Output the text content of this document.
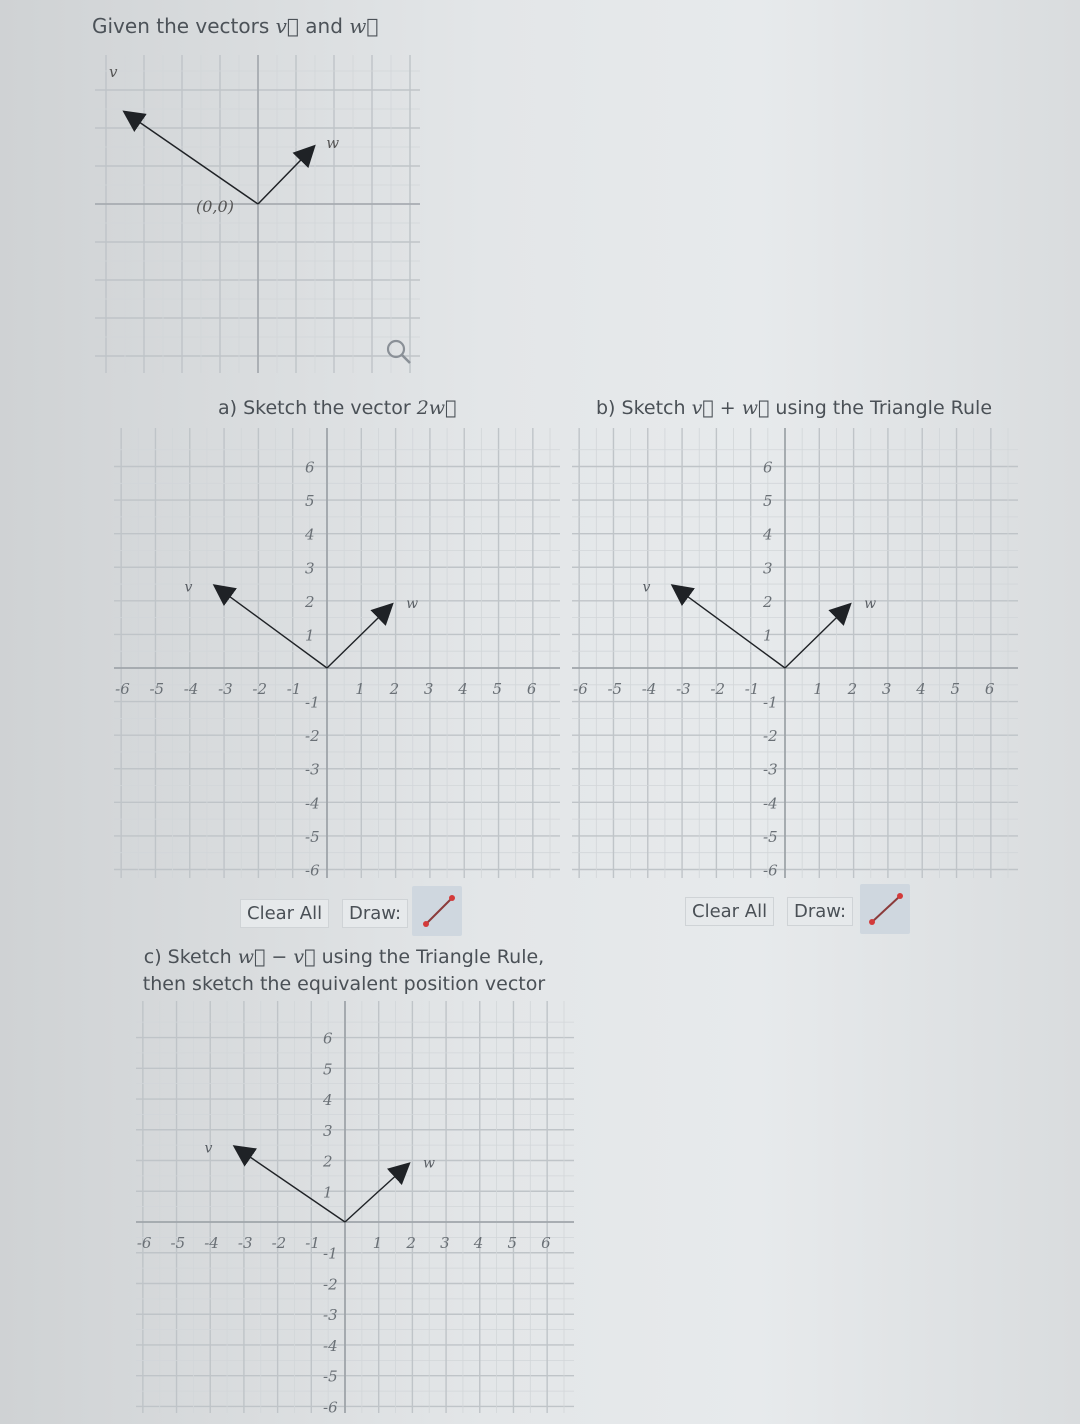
Given the vectors v⃗ and w⃗
v
w
(0,0)
a) Sketch the vector 2w⃗
-6 -5 -4 -3 -2 -1	1 2 3 4 5 6
6
5
4
3
2
1
-1
-2
-3
-4
-5
-6
v
w
Clear All	Draw:
b) Sketch v⃗ + w⃗ using the Triangle Rule
-6 -5 -4 -3 -2 -1	1 2 3 4 5 6
6
5
4
3
2
1
-1
-2
-3
-4
-5
-6
v
w
Clear All	Draw:
c) Sketch w⃗ − v⃗ using the Triangle Rule,
then sketch the equivalent position vector
-6 -5 -4 -3 -2 -1	1 2 3 4 5 6
6
5
4
3
2
1
-1
-2
-3
-4
-5
-6
v
w
